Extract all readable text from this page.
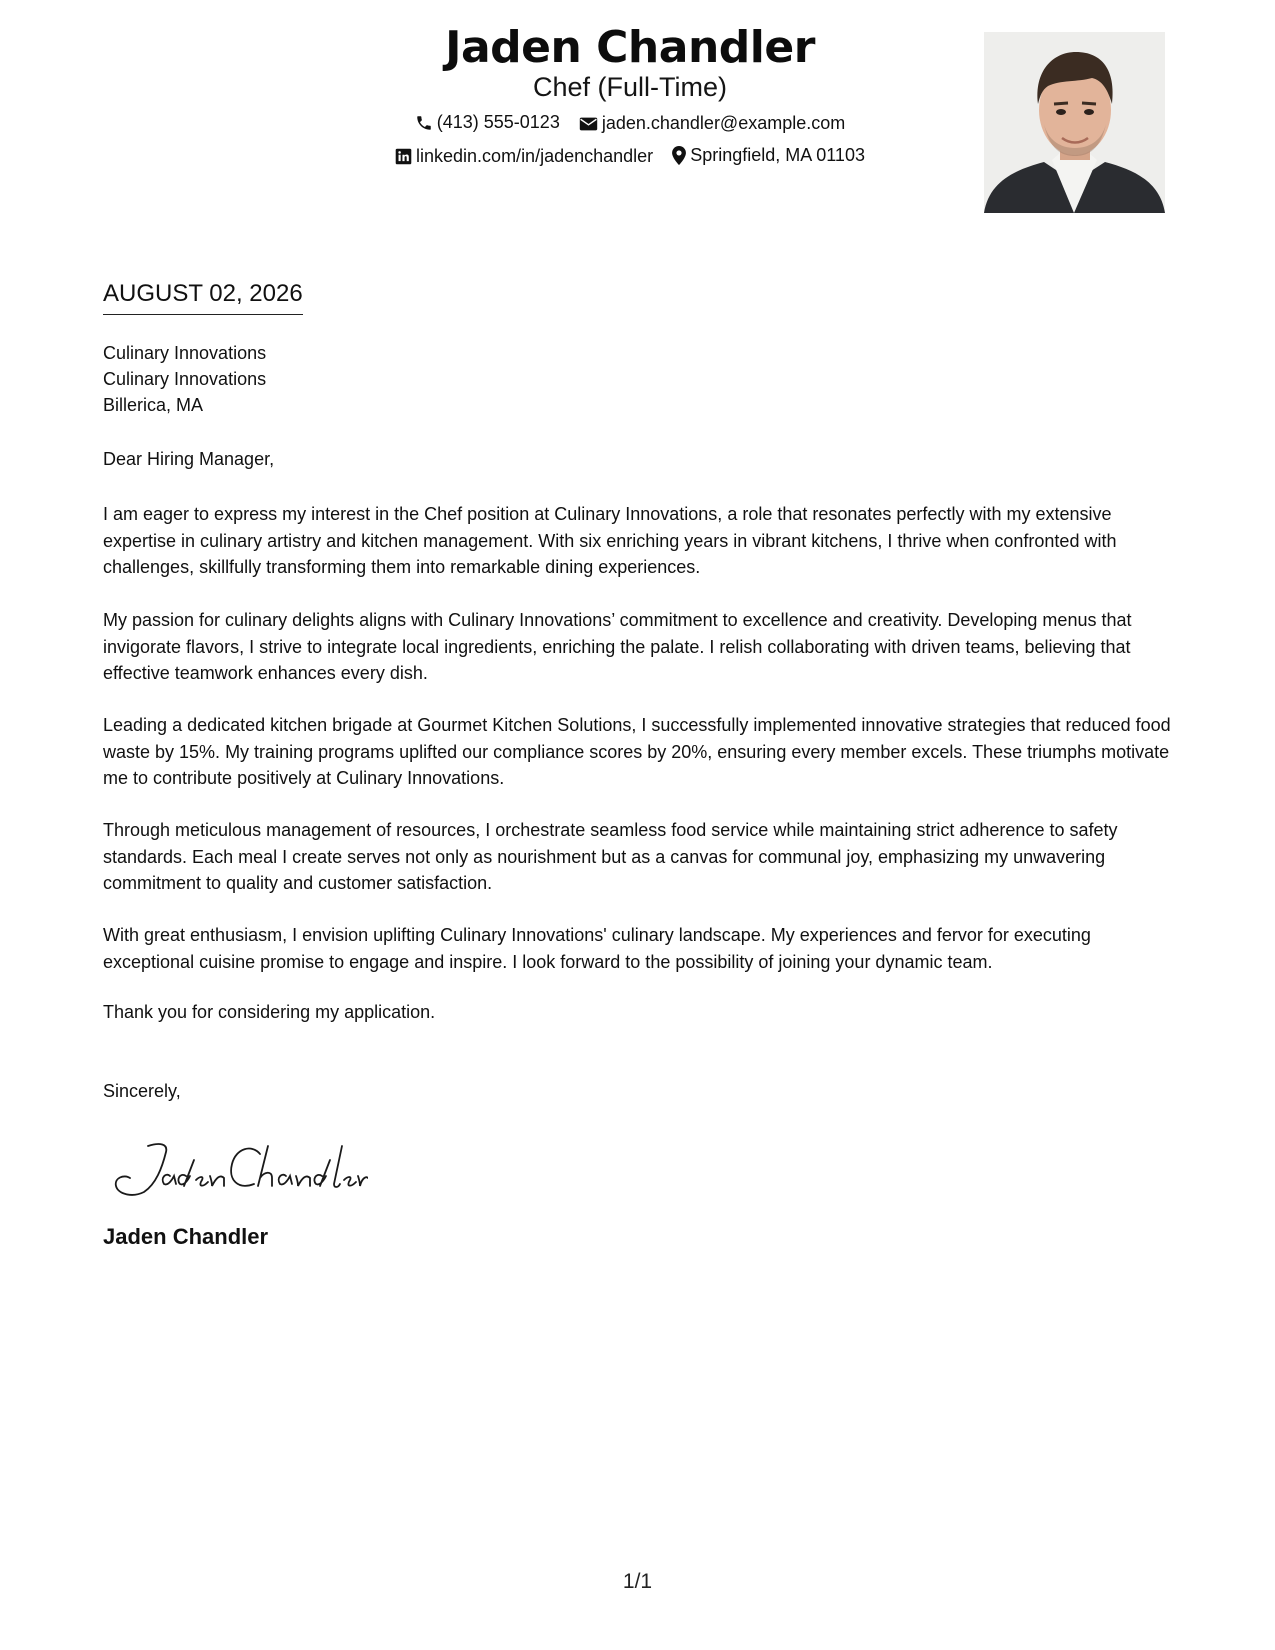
Jaden Chandler
Chef (Full-Time)
(413) 555-0123
jaden.chandler@example.com
linkedin.com/in/jadenchandler
Springfield, MA 01103
AUGUST 02, 2026
Culinary Innovations
Culinary Innovations
Billerica, MA
Dear Hiring Manager,

I am eager to express my interest in the Chef position at Culinary Innovations, a role that resonates perfectly with my extensive expertise in culinary artistry and kitchen management. With six enriching years in vibrant kitchens, I thrive when confronted with challenges, skillfully transforming them into remarkable dining experiences.

My passion for culinary delights aligns with Culinary Innovations’ commitment to excellence and creativity. Developing menus that invigorate flavors, I strive to integrate local ingredients, enriching the palate. I relish collaborating with driven teams, believing that effective teamwork enhances every dish.

Leading a dedicated kitchen brigade at Gourmet Kitchen Solutions, I successfully implemented innovative strategies that reduced food waste by 15%. My training programs uplifted our compliance scores by 20%, ensuring every member excels. These triumphs motivate me to contribute positively at Culinary Innovations.

Through meticulous management of resources, I orchestrate seamless food service while maintaining strict adherence to safety standards. Each meal I create serves not only as nourishment but as a canvas for communal joy, emphasizing my unwavering commitment to quality and customer satisfaction.

With great enthusiasm, I envision uplifting Culinary Innovations' culinary landscape. My experiences and fervor for executing exceptional cuisine promise to engage and inspire. I look forward to the possibility of joining your dynamic team.

Thank you for considering my application.
Sincerely,
Jaden Chandler
1/1
